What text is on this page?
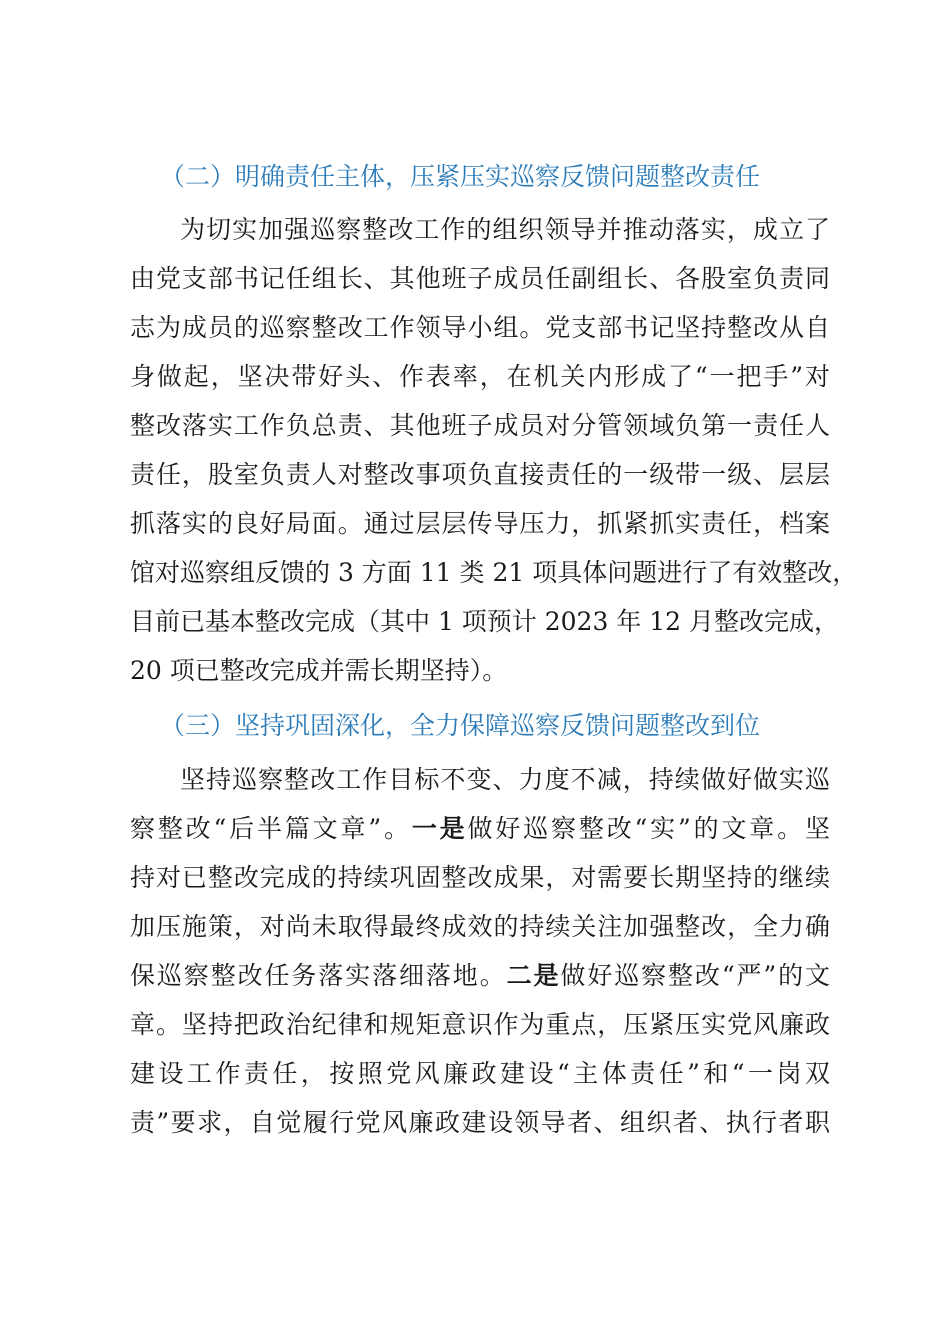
（二）明确责任主体，压紧压实巡察反馈问题整改责任
为切实加强巡察整改工作的组织领导并推动落实，成立了
由党支部书记任组长、其他班子成员任副组长、各股室负责同
志为成员的巡察整改工作领导小组。党支部书记坚持整改从自
身做起，坚决带好头、作表率，在机关内形成了“一把手”对
整改落实工作负总责、其他班子成员对分管领域负第一责任人
责任，股室负责人对整改事项负直接责任的一级带一级、层层
抓落实的良好局面。通过层层传导压力，抓紧抓实责任，档案
馆对巡察组反馈的 3 方面 11 类 21 项具体问题进行了有效整改，
目前已基本整改完成（其中 1 项预计 2023 年 12 月整改完成，
20 项已整改完成并需长期坚持）。
（三）坚持巩固深化，全力保障巡察反馈问题整改到位
坚持巡察整改工作目标不变、力度不减，持续做好做实巡
察整改“后半篇文章”。一是做好巡察整改“实”的文章。坚
持对已整改完成的持续巩固整改成果，对需要长期坚持的继续
加压施策，对尚未取得最终成效的持续关注加强整改，全力确
保巡察整改任务落实落细落地。二是做好巡察整改“严”的文
章。坚持把政治纪律和规矩意识作为重点，压紧压实党风廉政
建设工作责任，按照党风廉政建设“主体责任”和“一岗双
责”要求，自觉履行党风廉政建设领导者、组织者、执行者职
